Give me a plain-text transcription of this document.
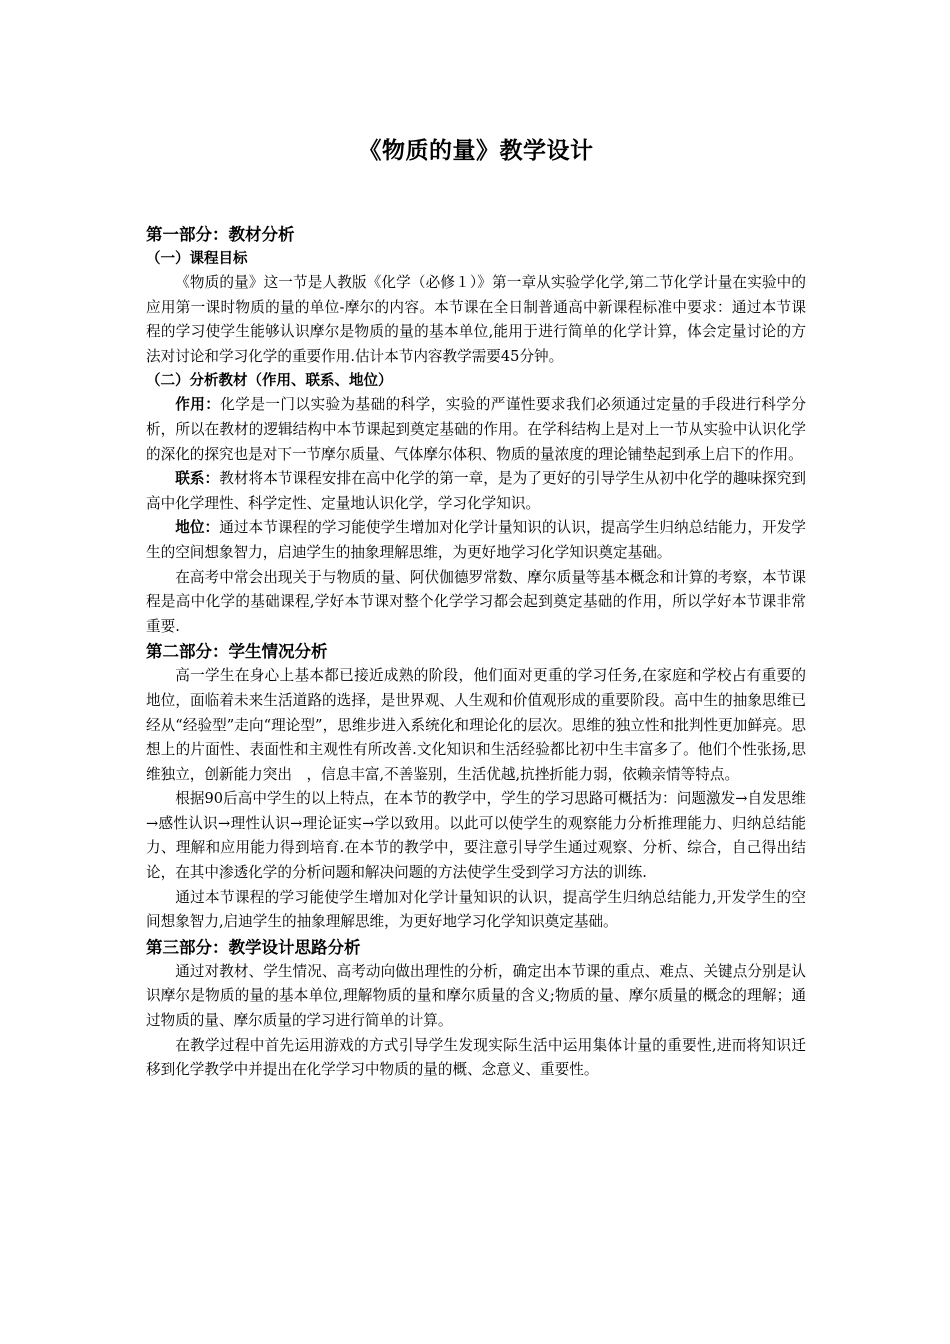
《物质的量》教学设计
第一部分：教材分析
（一）课程目标

《物质的量》这一节是人教版《化学（必修１）》第一章从实验学化学,第二节化学计量在实验中的应用第一课时物质的量的单位-摩尔的内容。本节课在全日制普通高中新课程标准中要求：通过本节课程的学习使学生能够认识摩尔是物质的量的基本单位,能用于进行简单的化学计算，体会定量讨论的方法对讨论和学习化学的重要作用.估计本节内容教学需要45分钟。

（二）分析教材（作用、联系、地位）

作用：化学是一门以实验为基础的科学，实验的严谨性要求我们必须通过定量的手段进行科学分析，所以在教材的逻辑结构中本节课起到奠定基础的作用。在学科结构上是对上一节从实验中认识化学的深化的探究也是对下一节摩尔质量、气体摩尔体积、物质的量浓度的理论铺垫起到承上启下的作用。

联系：教材将本节课程安排在高中化学的第一章，是为了更好的引导学生从初中化学的趣味探究到高中化学理性、科学定性、定量地认识化学，学习化学知识。

地位：通过本节课程的学习能使学生增加对化学计量知识的认识，提高学生归纳总结能力，开发学生的空间想象智力，启迪学生的抽象理解思维，为更好地学习化学知识奠定基础。

在高考中常会出现关于与物质的量、阿伏伽德罗常数、摩尔质量等基本概念和计算的考察，本节课程是高中化学的基础课程,学好本节课对整个化学学习都会起到奠定基础的作用，所以学好本节课非常重要.

第二部分：学生情况分析

高一学生在身心上基本都已接近成熟的阶段，他们面对更重的学习任务,在家庭和学校占有重要的地位，面临着未来生活道路的选择，是世界观、人生观和价值观形成的重要阶段。高中生的抽象思维已经从“经验型”走向“理论型”，思维步进入系统化和理论化的层次。思维的独立性和批判性更加鲜亮。思想上的片面性、表面性和主观性有所改善.文化知识和生活经验都比初中生丰富多了。他们个性张扬,思维独立，创新能力突出　，信息丰富,不善鉴别，生活优越,抗挫折能力弱，依赖亲情等特点。

根据90后高中学生的以上特点，在本节的教学中，学生的学习思路可概括为：问题激发→自发思维→感性认识→理性认识→理论证实→学以致用。以此可以使学生的观察能力分析推理能力、归纳总结能力、理解和应用能力得到培育.在本节的教学中，要注意引导学生通过观察、分析、综合，自己得出结论，在其中渗透化学的分析问题和解决问题的方法使学生受到学习方法的训练.

通过本节课程的学习能使学生增加对化学计量知识的认识，提高学生归纳总结能力,开发学生的空间想象智力,启迪学生的抽象理解思维，为更好地学习化学知识奠定基础。

第三部分：教学设计思路分析

通过对教材、学生情况、高考动向做出理性的分析，确定出本节课的重点、难点、关键点分别是认识摩尔是物质的量的基本单位,理解物质的量和摩尔质量的含义;物质的量、摩尔质量的概念的理解；通过物质的量、摩尔质量的学习进行简单的计算。

在教学过程中首先运用游戏的方式引导学生发现实际生活中运用集体计量的重要性,进而将知识迁移到化学教学中并提出在化学学习中物质的量的概、念意义、重要性。
